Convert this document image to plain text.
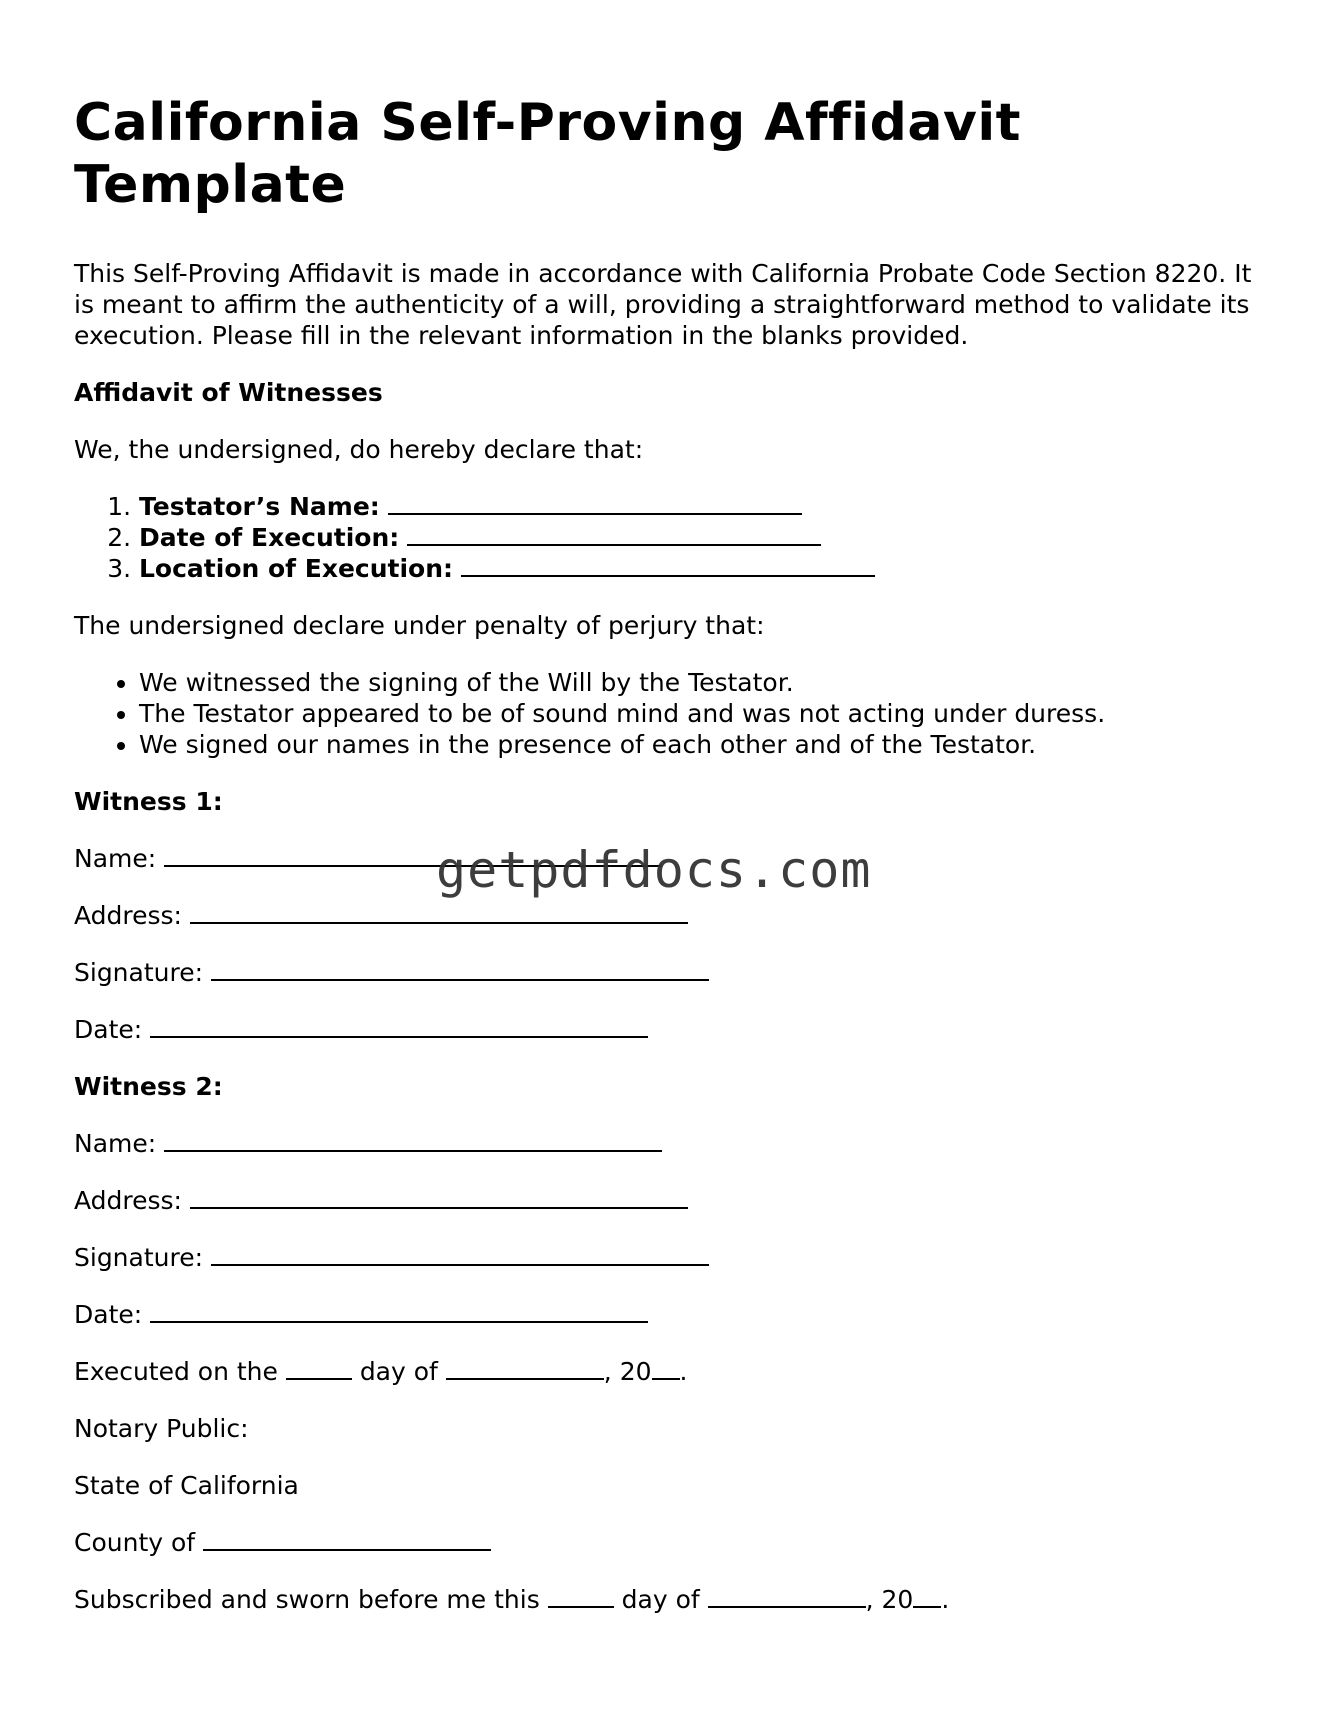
California Self-Proving Affidavit Template

This Self-Proving Affidavit is made in accordance with California Probate Code Section 8220. It is meant to affirm the authenticity of a will, providing a straightforward method to validate its execution. Please fill in the relevant information in the blanks provided.

Affidavit of Witnesses

We, the undersigned, do hereby declare that:

1. Testator’s Name:
2. Date of Execution:
3. Location of Execution:

The undersigned declare under penalty of perjury that:

• We witnessed the signing of the Will by the Testator.
• The Testator appeared to be of sound mind and was not acting under duress.
• We signed our names in the presence of each other and of the Testator.

Witness 1:

Name:

Address:

Signature:

Date:

Witness 2:

Name:

Address:

Signature:

Date:

Executed on the	day of	, 20 .

Notary Public:

State of California

County of

Subscribed and sworn before me this	day of	, 20 .

getpdfdocs.com
